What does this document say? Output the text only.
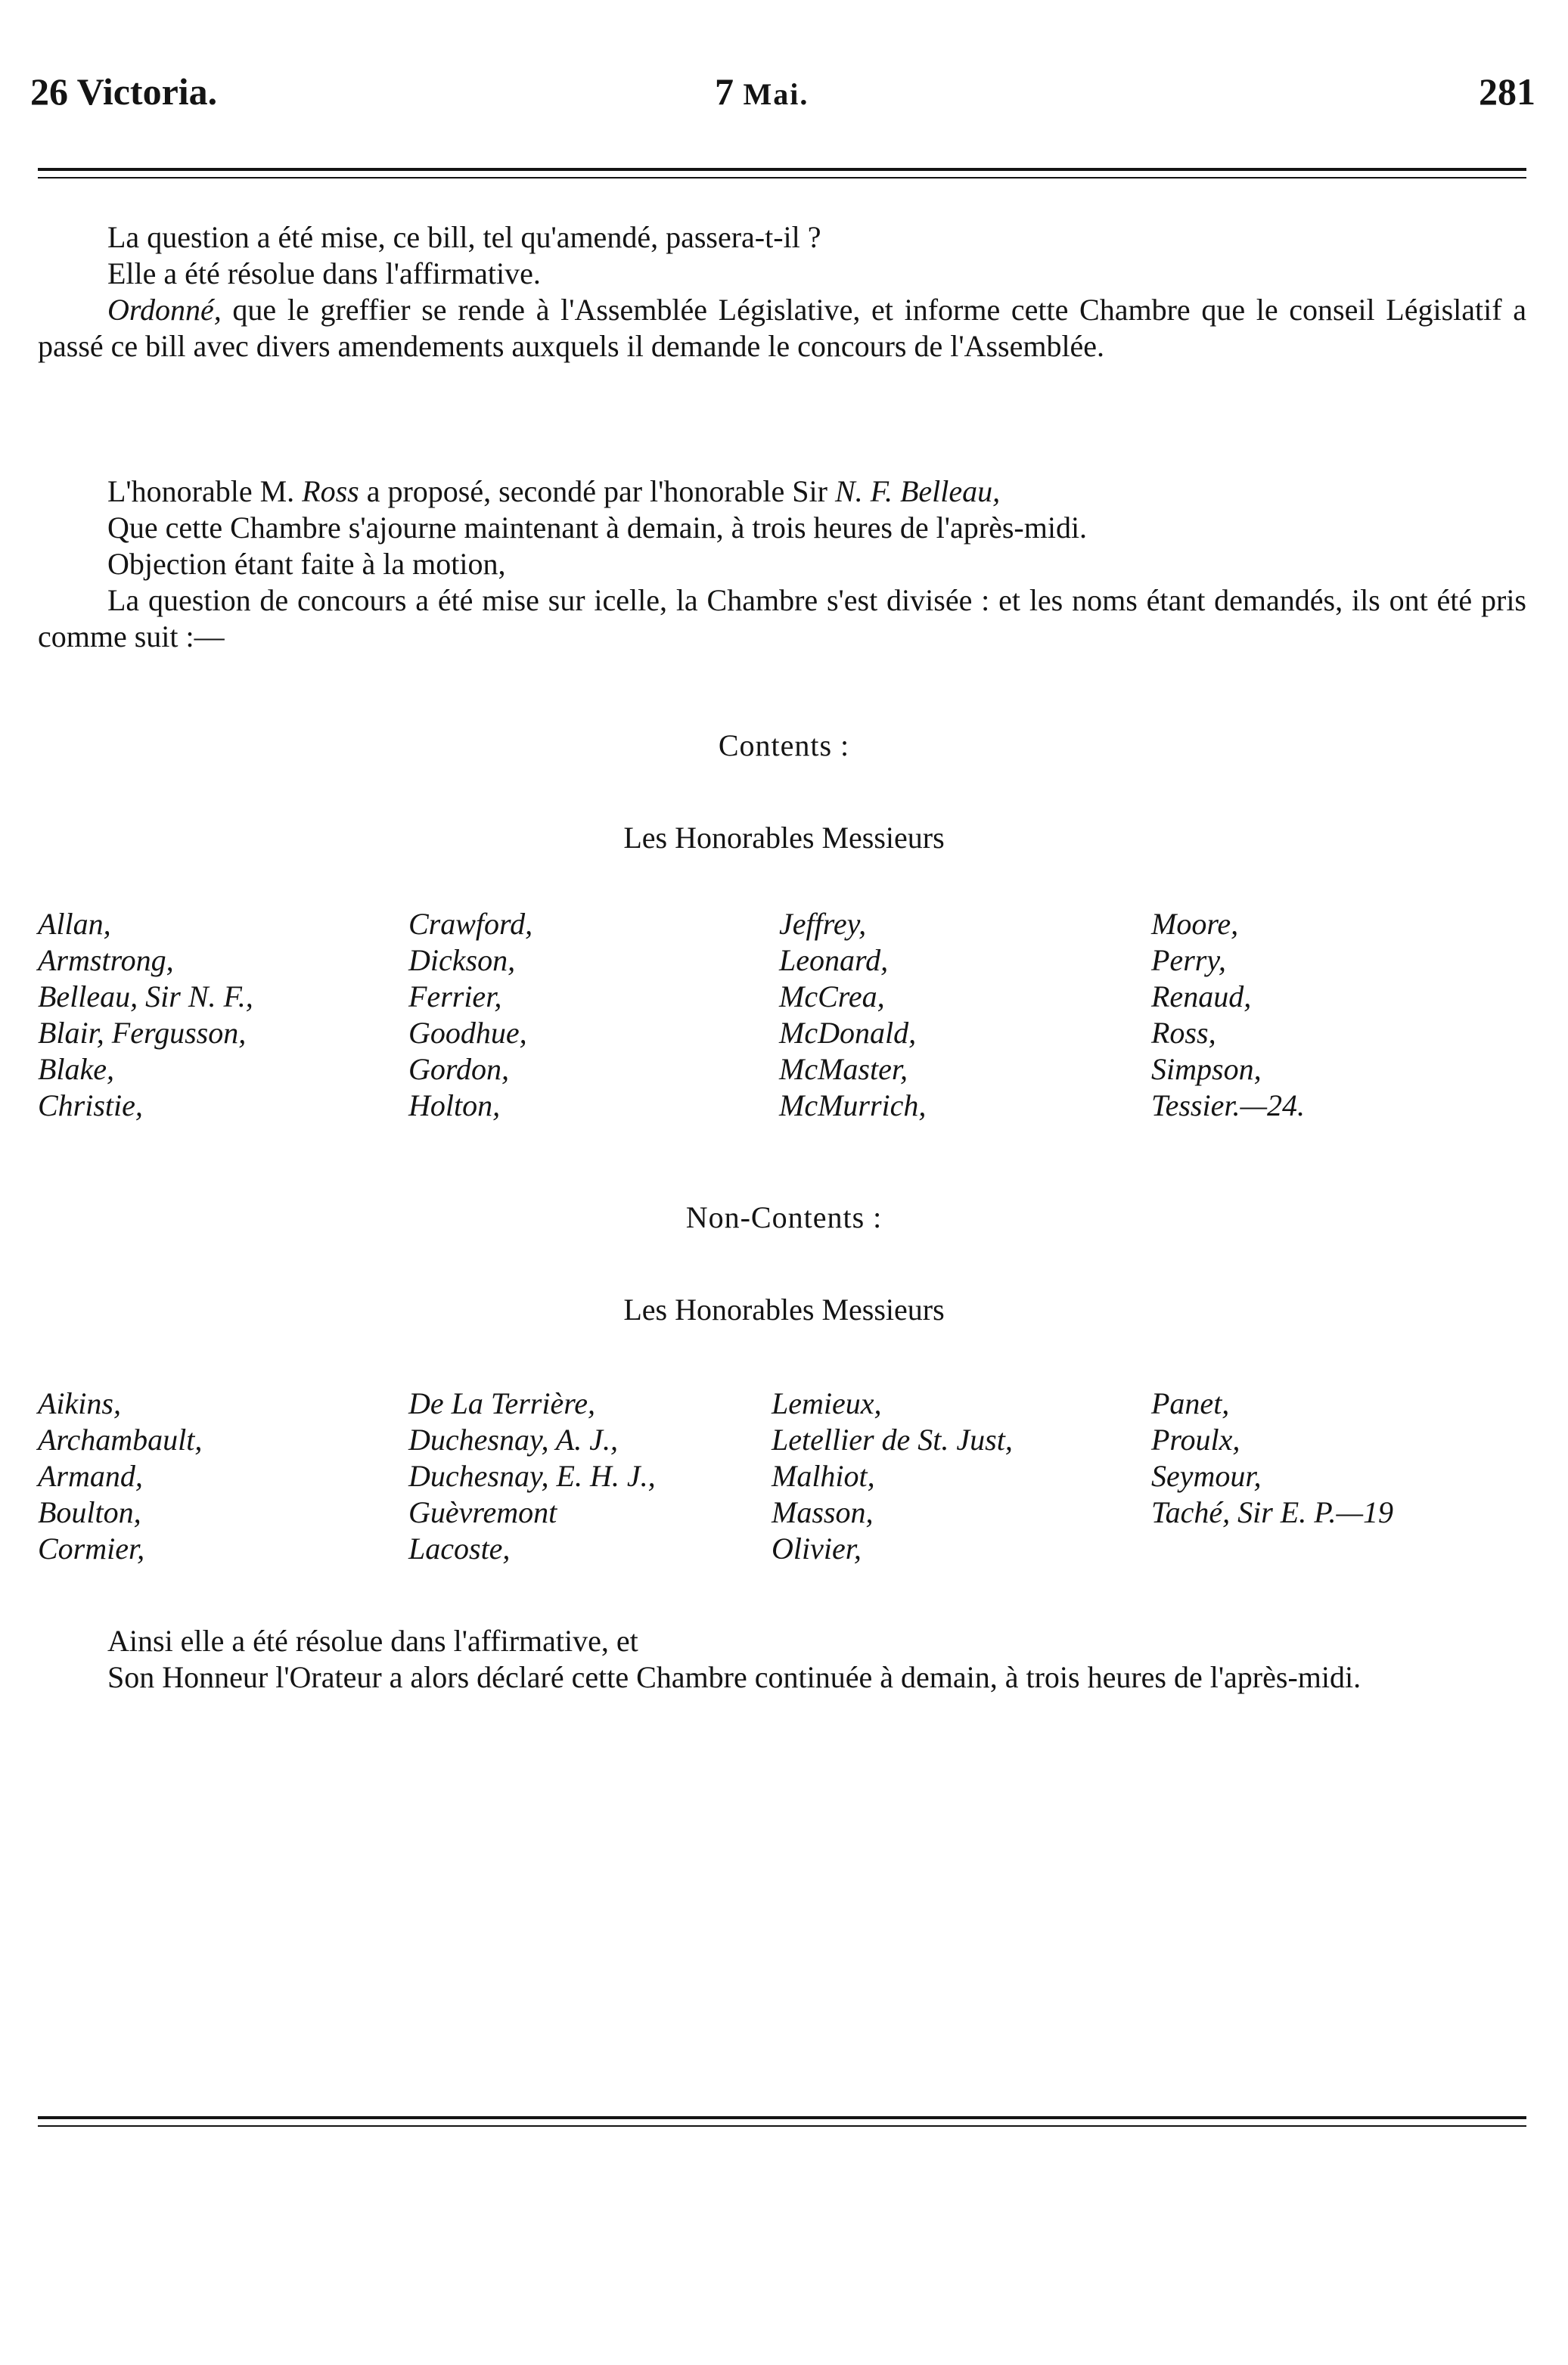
26 Victoria.	7 Mai.	281

La question a été mise, ce bill, tel qu'amendé, passera-t-il ?

Elle a été résolue dans l'affirmative.

Ordonné, que le greffier se rende à l'Assemblée Législative, et informe cette Chambre que le conseil Législatif a passé ce bill avec divers amendements auxquels il demande le concours de l'Assemblée.

L'honorable M. Ross a proposé, secondé par l'honorable Sir N. F. Belleau,

Que cette Chambre s'ajourne maintenant à demain, à trois heures de l'après-midi.

Objection étant faite à la motion,

La question de concours a été mise sur icelle, la Chambre s'est divisée : et les noms étant demandés, ils ont été pris comme suit :—

Contents :
Les Honorables Messieurs
Allan,
Armstrong,
Belleau, Sir N. F.,
Blair, Fergusson,
Blake,
Christie,
Crawford,
Dickson,
Ferrier,
Goodhue,
Gordon,
Holton,
Jeffrey,
Leonard,
McCrea,
McDonald,
McMaster,
McMurrich,
Moore,
Perry,
Renaud,
Ross,
Simpson,
Tessier.—24.
Non-Contents :
Les Honorables Messieurs
Aikins,
Archambault,
Armand,
Boulton,
Cormier,
De La Terrière,
Duchesnay, A. J.,
Duchesnay, E. H. J.,
Guèvremont
Lacoste,
Lemieux,
Letellier de St. Just,
Malhiot,
Masson,
Olivier,
Panet,
Proulx,
Seymour,
Taché, Sir E. P.—19

Ainsi elle a été résolue dans l'affirmative, et

Son Honneur l'Orateur a alors déclaré cette Chambre continuée à demain, à trois heures de l'après-midi.
